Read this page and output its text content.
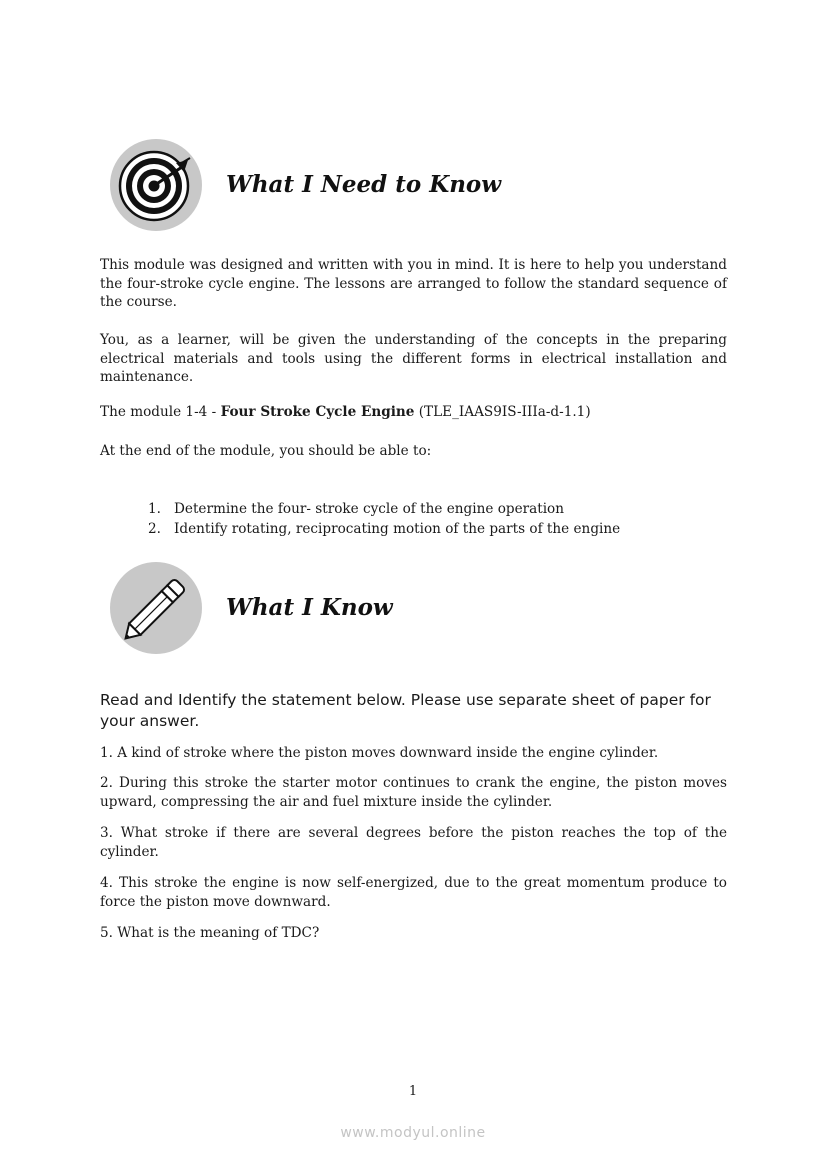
What I Need to Know

This module was designed and written with you in mind. It is here to help you understand the four-stroke cycle engine. The lessons are arranged to follow the standard sequence of the course.

You, as a learner, will be given the understanding of the concepts in the preparing electrical materials and tools using the different forms in electrical installation and maintenance.

The module 1-4 - Four Stroke Cycle Engine (TLE_IAAS9IS-IIIa-d-1.1)

At the end of the module, you should be able to:

1. Determine the four- stroke cycle of the engine operation
2. Identify rotating, reciprocating motion of the parts of the engine
What I Know

Read and Identify the statement below. Please use separate sheet of paper for your answer.

1. A kind of stroke where the piston moves downward inside the engine cylinder.

2. During this stroke the starter motor continues to crank the engine, the piston moves upward, compressing the air and fuel mixture inside the cylinder.

3. What stroke if there are several degrees before the piston reaches the top of the cylinder.

4. This stroke the engine is now self-energized, due to the great momentum produce to force the piston move downward.

5. What is the meaning of TDC?

1
www.modyul.online
